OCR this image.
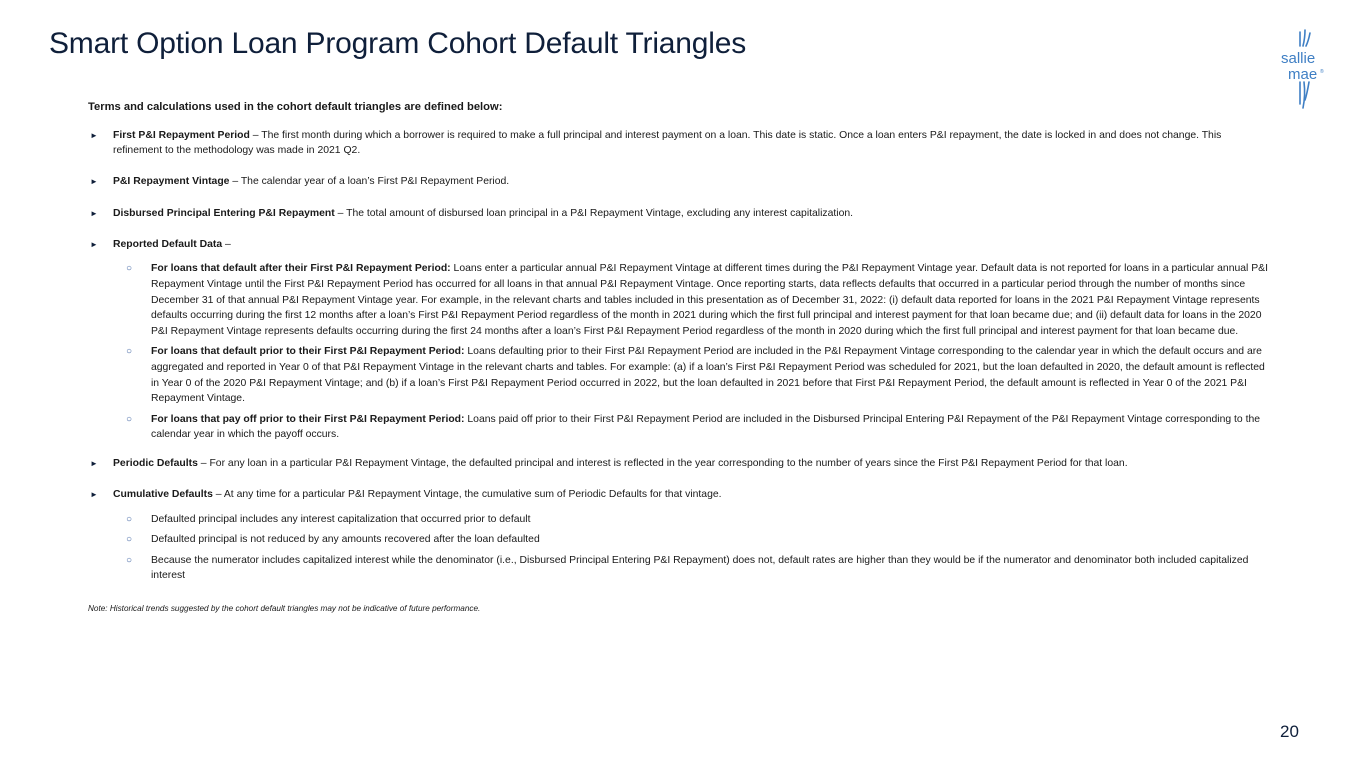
Smart Option Loan Program Cohort Default Triangles	sallie
mae ®
Terms and calculations used in the cohort default triangles are defined below:
► First P&I Repayment Period – The first month during which a borrower is required to make a full principal and interest payment on a loan. This date is static. Once a loan enters P&I repayment, the date is locked in and does not change. This refinement to the methodology was made in 2021 Q2.
► P&I Repayment Vintage – The calendar year of a loan’s First P&I Repayment Period.
► Disbursed Principal Entering P&I Repayment – The total amount of disbursed loan principal in a P&I Repayment Vintage, excluding any interest capitalization.
► Reported Default Data –
○ For loans that default after their First P&I Repayment Period: Loans enter a particular annual P&I Repayment Vintage at different times during the P&I Repayment Vintage year. Default data is not reported for loans in a particular annual P&I Repayment Vintage until the First P&I Repayment Period has occurred for all loans in that annual P&I Repayment Vintage. Once reporting starts, data reflects defaults that occurred in a particular period through the number of months since December 31 of that annual P&I Repayment Vintage year. For example, in the relevant charts and tables included in this presentation as of December 31, 2022: (i) default data reported for loans in the 2021 P&I Repayment Vintage represents defaults occurring during the first 12 months after a loan’s First P&I Repayment Period regardless of the month in 2021 during which the first full principal and interest payment for that loan became due; and (ii) default data for loans in the 2020 P&I Repayment Vintage represents defaults occurring during the first 24 months after a loan’s First P&I Repayment Period regardless of the month in 2020 during which the first full principal and interest payment for that loan became due.
○ For loans that default prior to their First P&I Repayment Period: Loans defaulting prior to their First P&I Repayment Period are included in the P&I Repayment Vintage corresponding to the calendar year in which the default occurs and are aggregated and reported in Year 0 of that P&I Repayment Vintage in the relevant charts and tables. For example: (a) if a loan’s First P&I Repayment Period was scheduled for 2021, but the loan defaulted in 2020, the default amount is reflected in Year 0 of the 2020 P&I Repayment Vintage; and (b) if a loan’s First P&I Repayment Period occurred in 2022, but the loan defaulted in 2021 before that First P&I Repayment Period, the default amount is reflected in Year 0 of the 2021 P&I Repayment Vintage.
○ For loans that pay off prior to their First P&I Repayment Period: Loans paid off prior to their First P&I Repayment Period are included in the Disbursed Principal Entering P&I Repayment of the P&I Repayment Vintage corresponding to the calendar year in which the payoff occurs.
► Periodic Defaults – For any loan in a particular P&I Repayment Vintage, the defaulted principal and interest is reflected in the year corresponding to the number of years since the First P&I Repayment Period for that loan.
► Cumulative Defaults – At any time for a particular P&I Repayment Vintage, the cumulative sum of Periodic Defaults for that vintage.
○ Defaulted principal includes any interest capitalization that occurred prior to default
○ Defaulted principal is not reduced by any amounts recovered after the loan defaulted
○ Because the numerator includes capitalized interest while the denominator (i.e., Disbursed Principal Entering P&I Repayment) does not, default rates are higher than they would be if the numerator and denominator both included capitalized interest
Note: Historical trends suggested by the cohort default triangles may not be indicative of future performance.
20
